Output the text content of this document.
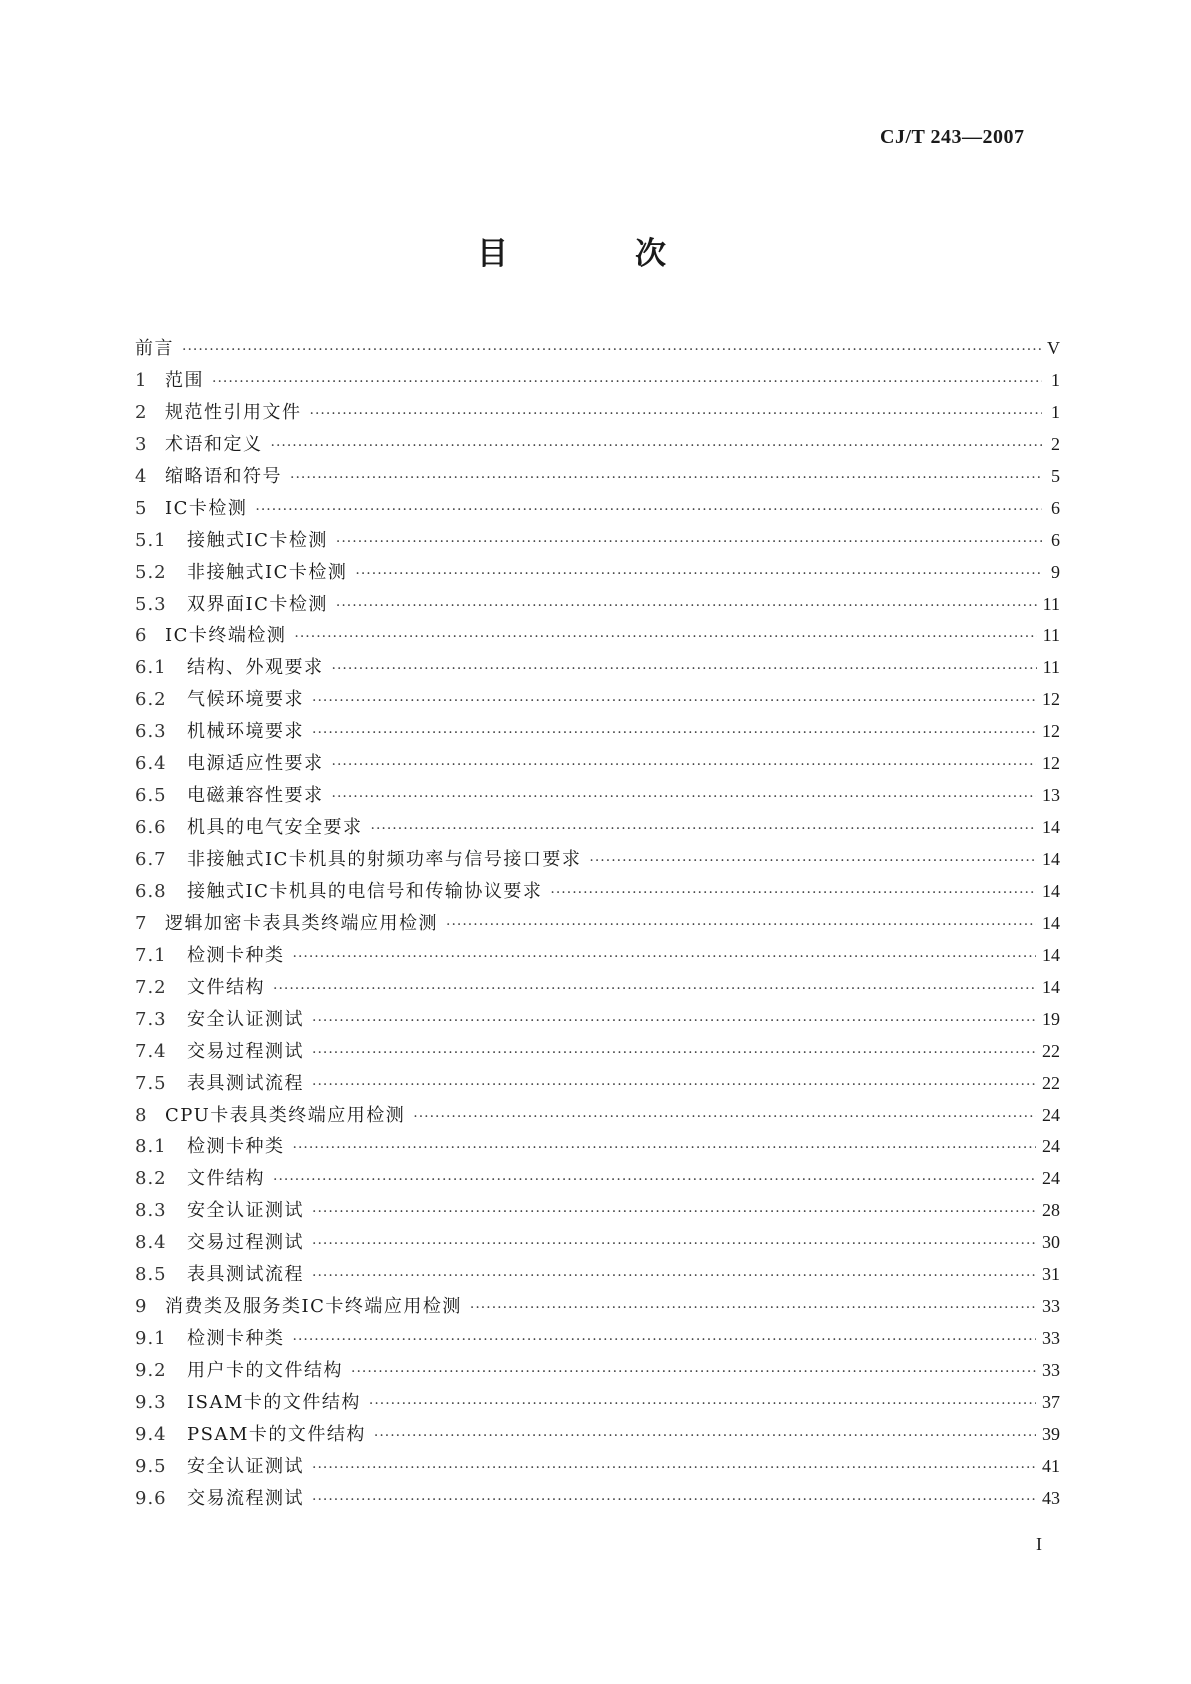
CJ/T 243—2007
目　次
前言 ·····	V
1 范围 ·····	1
2 规范性引用文件 ·····	1
3 术语和定义 ·····	2
4 缩略语和符号 ·····	5
5 IC卡检测 ·····	6
5.1	接触式IC卡检测 ·····	6
5.2	非接触式IC卡检测 ·····	9
5.3	双界面IC卡检测 ·····	11
6 IC卡终端检测 ·····	11
6.1	结构、外观要求 ·····	11
6.2	气候环境要求 ·····	12
6.3	机械环境要求 ·····	12
6.4	电源适应性要求 ·····	12
6.5	电磁兼容性要求 ·····	13
6.6	机具的电气安全要求 ·····	14
6.7	非接触式IC卡机具的射频功率与信号接口要求 ·····	14
6.8	接触式IC卡机具的电信号和传输协议要求 ·····	14
7 逻辑加密卡表具类终端应用检测 ·····	14
7.1	检测卡种类 ·····	14
7.2	文件结构 ·····	14
7.3	安全认证测试 ·····	19
7.4	交易过程测试 ·····	22
7.5	表具测试流程 ·····	22
8 CPU卡表具类终端应用检测 ·····	24
8.1	检测卡种类 ·····	24
8.2	文件结构 ·····	24
8.3	安全认证测试 ·····	28
8.4	交易过程测试 ·····	30
8.5	表具测试流程 ·····	31
9 消费类及服务类IC卡终端应用检测 ·····	33
9.1	检测卡种类 ·····	33
9.2	用户卡的文件结构 ·····	33
9.3	ISAM卡的文件结构 ·····	37
9.4	PSAM卡的文件结构 ·····	39
9.5	安全认证测试 ·····	41
9.6	交易流程测试 ·····	43
I
